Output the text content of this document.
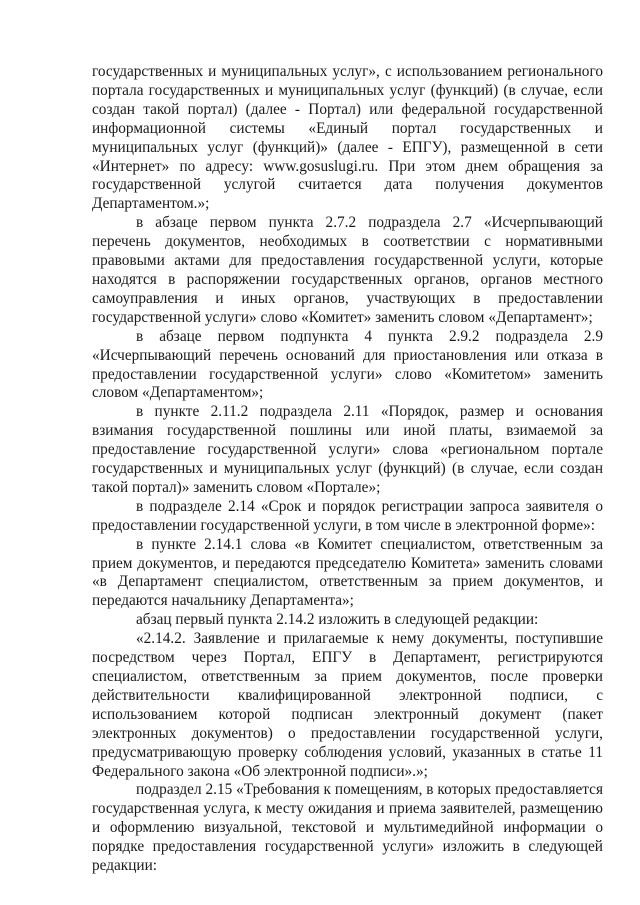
государственных и муниципальных услуг», с использованием регионального портала государственных и муниципальных услуг (функций) (в случае, если создан такой портал) (далее - Портал) или федеральной государственной информационной системы «Единый портал государственных и муниципальных услуг (функций)» (далее - ЕПГУ), размещенной в сети «Интернет» по адресу: www.gosuslugi.ru. При этом днем обращения за государственной услугой считается дата получения документов Департаментом.»;

в абзаце первом пункта 2.7.2 подраздела 2.7 «Исчерпывающий перечень документов, необходимых в соответствии с нормативными правовыми актами для предоставления государственной услуги, которые находятся в распоряжении государственных органов, органов местного самоуправления и иных органов, участвующих в предоставлении государственной услуги» слово «Комитет» заменить словом «Департамент»;

в абзаце первом подпункта 4 пункта 2.9.2 подраздела 2.9 «Исчерпывающий перечень оснований для приостановления или отказа в предоставлении государственной услуги» слово «Комитетом» заменить словом «Департаментом»;

в пункте 2.11.2 подраздела 2.11 «Порядок, размер и основания взимания государственной пошлины или иной платы, взимаемой за предоставление государственной услуги» слова «региональном портале государственных и муниципальных услуг (функций) (в случае, если создан такой портал)» заменить словом «Портале»;

в подразделе 2.14 «Срок и порядок регистрации запроса заявителя о предоставлении государственной услуги, в том числе в электронной форме»:

в пункте 2.14.1 слова «в Комитет специалистом, ответственным за прием документов, и передаются председателю Комитета» заменить словами «в Департамент специалистом, ответственным за прием документов, и передаются начальнику Департамента»;

абзац первый пункта 2.14.2 изложить в следующей редакции:

«2.14.2. Заявление и прилагаемые к нему документы, поступившие посредством через Портал, ЕПГУ в Департамент, регистрируются специалистом, ответственным за прием документов, после проверки действительности квалифицированной электронной подписи, с использованием которой подписан электронный документ (пакет электронных документов) о предоставлении государственной услуги, предусматривающую проверку соблюдения условий, указанных в статье 11 Федерального закона «Об электронной подписи».»;

подраздел 2.15 «Требования к помещениям, в которых предоставляется государственная услуга, к месту ожидания и приема заявителей, размещению и оформлению визуальной, текстовой и мультимедийной информации о порядке предоставления государственной услуги» изложить в следующей редакции:
